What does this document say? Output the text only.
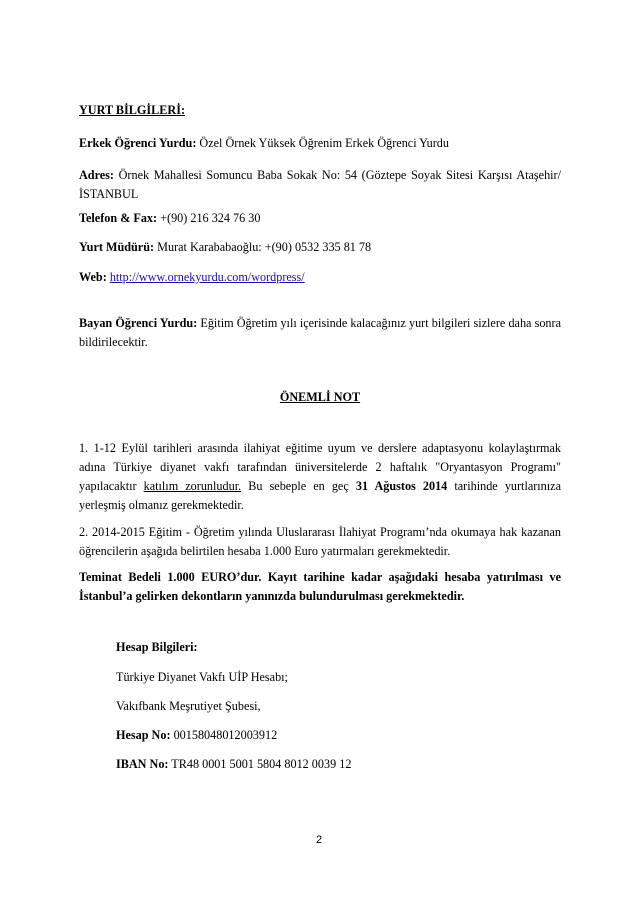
YURT BİLGİLERİ:

Erkek Öğrenci Yurdu: Özel Örnek Yüksek Öğrenim Erkek Öğrenci Yurdu

Adres: Örnek Mahallesi Somuncu Baba Sokak No: 54 (Göztepe Soyak Sitesi Karşısı Ataşehir/İSTANBUL

Telefon & Fax: +(90) 216 324 76 30

Yurt Müdürü: Murat Karababaoğlu: +(90) 0532 335 81 78

Web: http://www.ornekyurdu.com/wordpress/

Bayan Öğrenci Yurdu: Eğitim Öğretim yılı içerisinde kalacağınız yurt bilgileri sizlere daha sonra bildirilecektir.

ÖNEMLİ NOT

1. 1-12 Eylül tarihleri arasında ilahiyat eğitime uyum ve derslere adaptasyonu kolaylaştırmak adına Türkiye diyanet vakfı tarafından üniversitelerde 2 haftalık "Oryantasyon Programı" yapılacaktır katılım zorunludur. Bu sebeple en geç 31 Ağustos 2014 tarihinde yurtlarınıza yerleşmiş olmanız gerekmektedir.

2. 2014-2015 Eğitim - Öğretim yılında Uluslararası İlahiyat Programı’nda okumaya hak kazanan öğrencilerin aşağıda belirtilen hesaba 1.000 Euro yatırmaları gerekmektedir.

Teminat Bedeli 1.000 EURO’dur. Kayıt tarihine kadar aşağıdaki hesaba yatırılması ve İstanbul’a gelirken dekontların yanınızda bulundurulması gerekmektedir.

Hesap Bilgileri:

Türkiye Diyanet Vakfı UİP Hesabı;

Vakıfbank Meşrutiyet Şubesi,

Hesap No: 00158048012003912

IBAN No: TR48 0001 5001 5804 8012 0039 12

2
